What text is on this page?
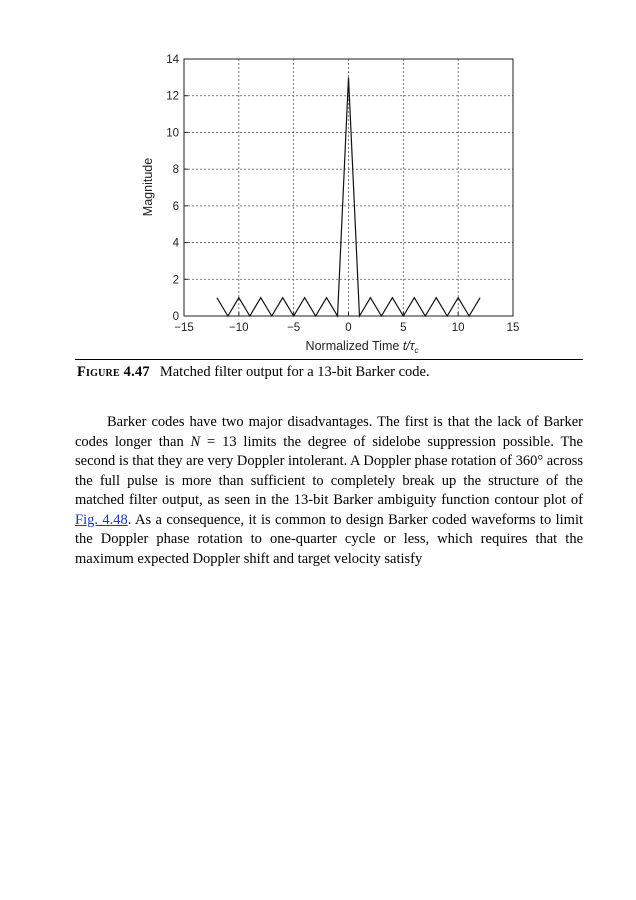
0
2
4
6
8
10
12
14
−15	−10	−5	0	5	10	15
Magnitude
Normalized Time $t/\tau_c$
Figure 4.47 Matched filter output for a 13-bit Barker code.

Barker codes have two major disadvantages. The first is that the lack of Barker codes longer than N = 13 limits the degree of sidelobe suppression possible. The second is that they are very Doppler intolerant. A Doppler phase rotation of 360° across the full pulse is more than sufficient to completely break up the structure of the matched filter output, as seen in the 13-bit Barker ambiguity function contour plot of Fig. 4.48. As a consequence, it is common to design Barker coded waveforms to limit the Doppler phase rotation to one-quarter cycle or less, which requires that the maximum expected Doppler shift and target velocity satisfy
